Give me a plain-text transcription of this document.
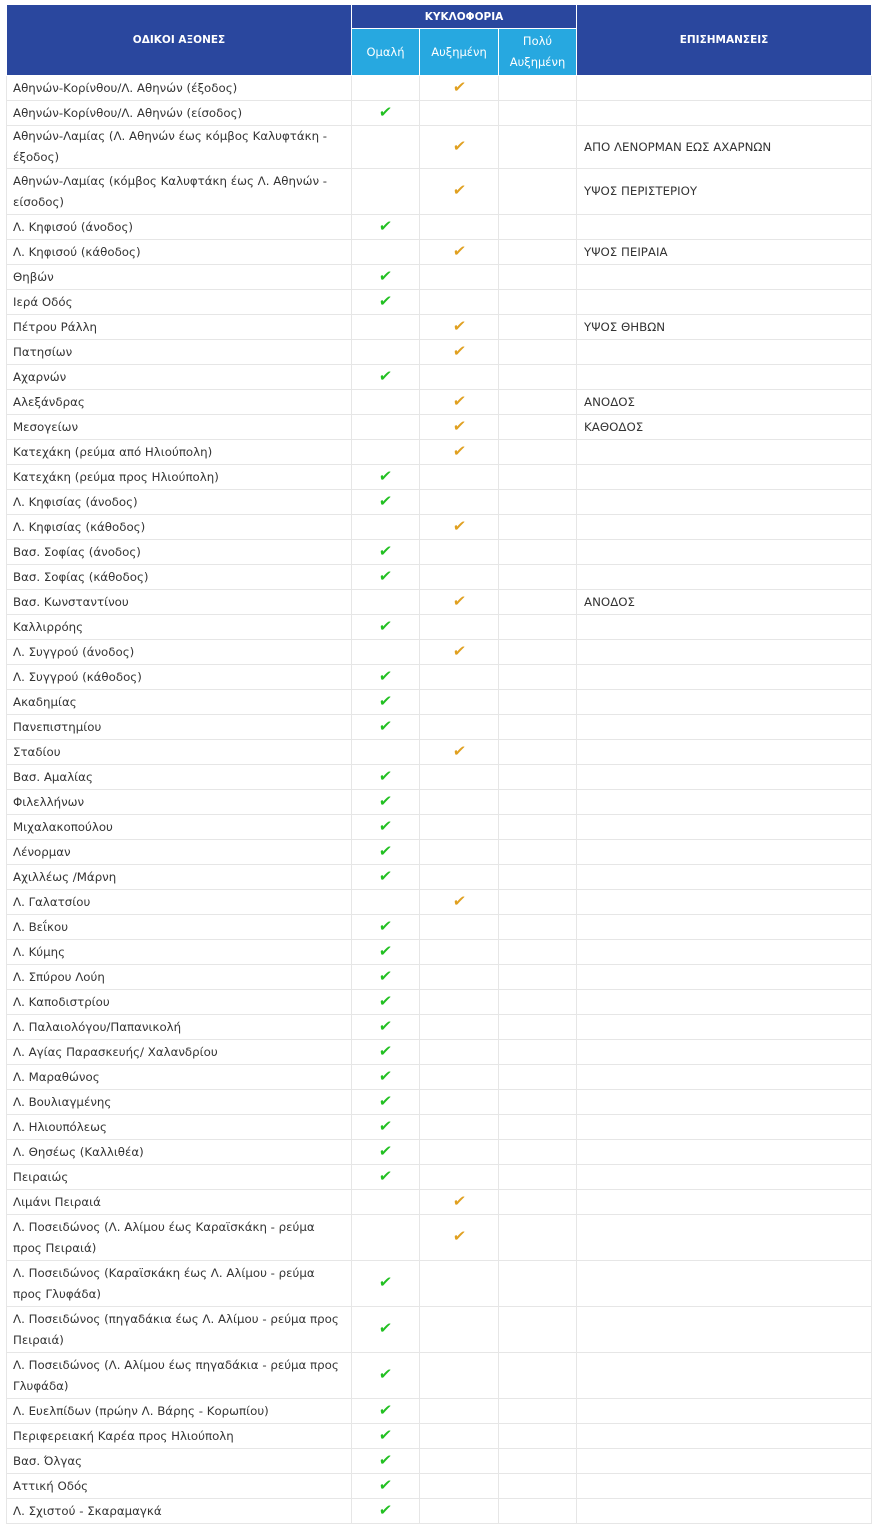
ΟΔΙΚΟΙ ΑΞΟΝΕΣ	ΚΥΚΛΟΦΟΡΙΑ			ΕΠΙΣΗΜΑΝΣΕΙΣ
	Ομαλή	Αυξημένη	Πολύ Αυξημένη	
Αθηνών-Κορίνθου/Λ. Αθηνών (έξοδος)		✔		
Αθηνών-Κορίνθου/Λ. Αθηνών (είσοδος)	✔			
Αθηνών-Λαμίας (Λ. Αθηνών έως κόμβος Καλυφτάκη - έξοδος)		✔		ΑΠΟ ΛΕΝΟΡΜΑΝ ΕΩΣ ΑΧΑΡΝΩΝ
Αθηνών-Λαμίας (κόμβος Καλυφτάκη έως Λ. Αθηνών - είσοδος)		✔		ΥΨΟΣ ΠΕΡΙΣΤΕΡΙΟΥ
Λ. Κηφισού (άνοδος)	✔			
Λ. Κηφισού (κάθοδος)		✔		ΥΨΟΣ ΠΕΙΡΑΙΑ
Θηβών	✔			
Ιερά Οδός	✔			
Πέτρου Ράλλη		✔		ΥΨΟΣ ΘΗΒΩΝ
Πατησίων		✔		
Αχαρνών	✔			
Αλεξάνδρας		✔		ΑΝΟΔΟΣ
Μεσογείων		✔		ΚΑΘΟΔΟΣ
Κατεχάκη (ρεύμα από Ηλιούπολη)		✔		
Κατεχάκη (ρεύμα προς Ηλιούπολη)	✔			
Λ. Κηφισίας (άνοδος)	✔			
Λ. Κηφισίας (κάθοδος)		✔		
Βασ. Σοφίας (άνοδος)	✔			
Βασ. Σοφίας (κάθοδος)	✔			
Βασ. Κωνσταντίνου		✔		ΑΝΟΔΟΣ
Καλλιρρόης	✔			
Λ. Συγγρού (άνοδος)		✔		
Λ. Συγγρού (κάθοδος)	✔			
Ακαδημίας	✔			
Πανεπιστημίου	✔			
Σταδίου		✔		
Βασ. Αμαλίας	✔			
Φιλελλήνων	✔			
Μιχαλακοπούλου	✔			
Λένορμαν	✔			
Αχιλλέως /Μάρνη	✔			
Λ. Γαλατσίου		✔		
Λ. Βεΐκου	✔			
Λ. Κύμης	✔			
Λ. Σπύρου Λούη	✔			
Λ. Καποδιστρίου	✔			
Λ. Παλαιολόγου/Παπανικολή	✔			
Λ. Αγίας Παρασκευής/ Χαλανδρίου	✔			
Λ. Μαραθώνος	✔			
Λ. Βουλιαγμένης	✔			
Λ. Ηλιουπόλεως	✔			
Λ. Θησέως (Καλλιθέα)	✔			
Πειραιώς	✔			
Λιμάνι Πειραιά		✔		
Λ. Ποσειδώνος (Λ. Αλίμου έως Καραϊσκάκη - ρεύμα προς Πειραιά)		✔		
Λ. Ποσειδώνος (Καραϊσκάκη έως Λ. Αλίμου - ρεύμα προς Γλυφάδα)	✔			
Λ. Ποσειδώνος (πηγαδάκια έως Λ. Αλίμου - ρεύμα προς Πειραιά)	✔			
Λ. Ποσειδώνος (Λ. Αλίμου έως πηγαδάκια - ρεύμα προς Γλυφάδα)	✔			
Λ. Ευελπίδων (πρώην Λ. Βάρης - Κορωπίου)	✔			
Περιφερειακή Καρέα προς Ηλιούπολη	✔			
Βασ. Όλγας	✔			
Αττική Οδός	✔			
Λ. Σχιστού - Σκαραμαγκά	✔			
